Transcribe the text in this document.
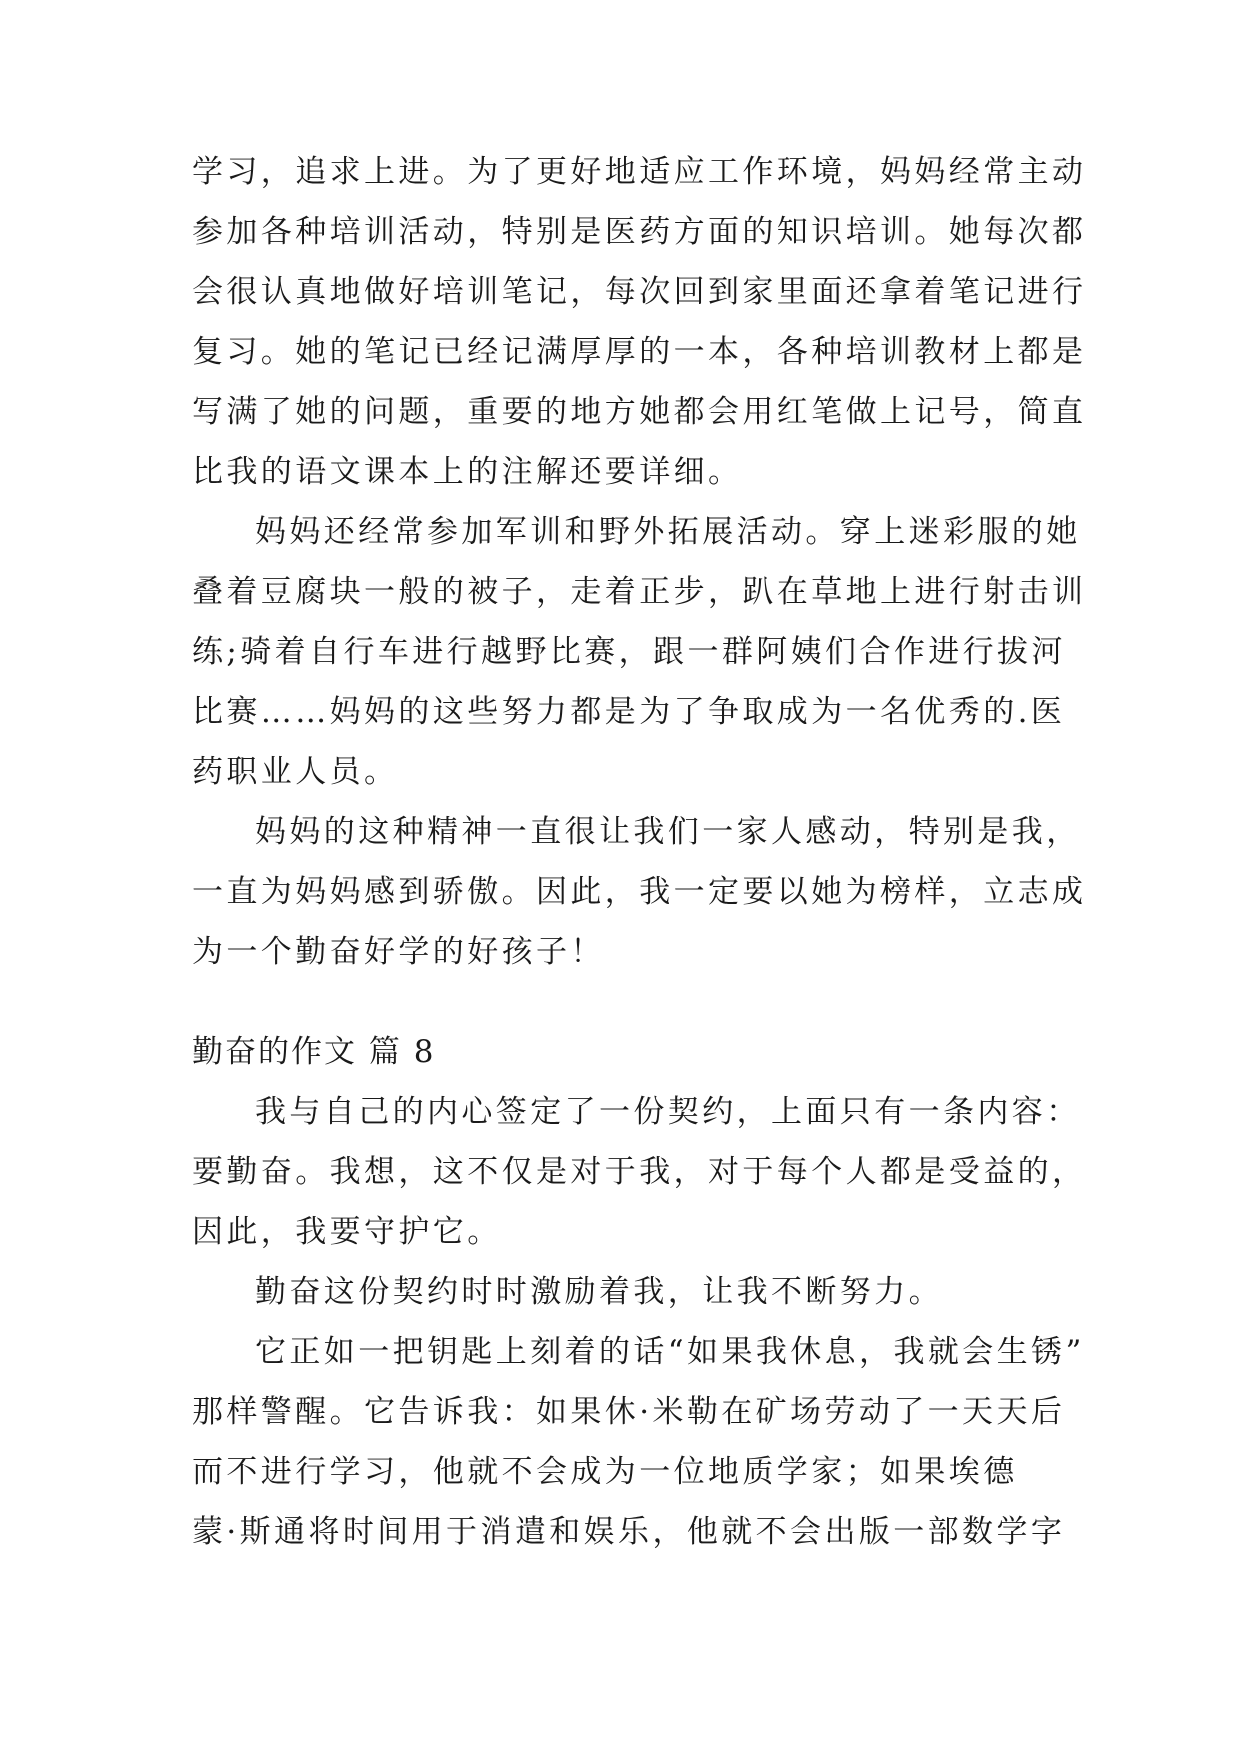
学习，追求上进。为了更好地适应工作环境，妈妈经常主动
参加各种培训活动，特别是医药方面的知识培训。她每次都
会很认真地做好培训笔记，每次回到家里面还拿着笔记进行
复习。她的笔记已经记满厚厚的一本，各种培训教材上都是
写满了她的问题，重要的地方她都会用红笔做上记号，简直
比我的语文课本上的注解还要详细。
妈妈还经常参加军训和野外拓展活动。穿上迷彩服的她
叠着豆腐块一般的被子，走着正步，趴在草地上进行射击训
练;骑着自行车进行越野比赛，跟一群阿姨们合作进行拔河
比赛……妈妈的这些努力都是为了争取成为一名优秀的.医
药职业人员。
妈妈的这种精神一直很让我们一家人感动，特别是我，
一直为妈妈感到骄傲。因此，我一定要以她为榜样，立志成
为一个勤奋好学的好孩子！
勤奋的作文 篇 8
我与自己的内心签定了一份契约，上面只有一条内容：
要勤奋。我想，这不仅是对于我，对于每个人都是受益的，
因此，我要守护它。
勤奋这份契约时时激励着我，让我不断努力。
它正如一把钥匙上刻着的话“如果我休息，我就会生锈”
那样警醒。它告诉我：如果休·米勒在矿场劳动了一天天后
而不进行学习，他就不会成为一位地质学家；如果埃德
蒙·斯通将时间用于消遣和娱乐，他就不会出版一部数学字
